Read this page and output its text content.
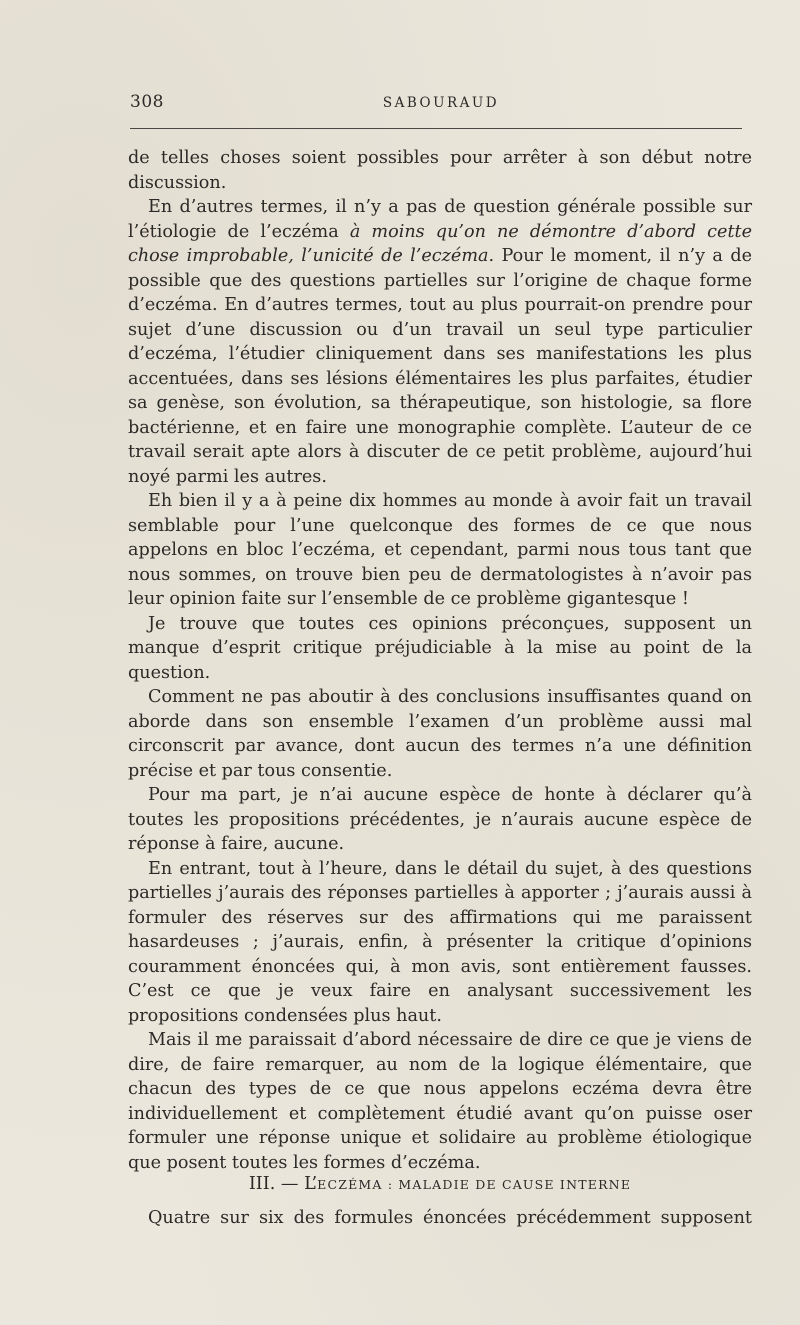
308	SABOURAUD

de telles choses soient possibles pour arrêter à son début notre discussion.

En d’autres termes, il n’y a pas de question générale possible sur l’étiologie de l’eczéma à moins qu’on ne démontre d’abord cette chose improbable, l’unicité de l’eczéma. Pour le moment, il n’y a de possible que des questions partielles sur l’origine de chaque forme d’eczéma. En d’autres termes, tout au plus pourrait-on prendre pour sujet d’une discussion ou d’un travail un seul type particulier d’eczéma, l’étudier cliniquement dans ses manifestations les plus accentuées, dans ses lésions élémentaires les plus parfaites, étudier sa genèse, son évolution, sa thérapeutique, son histologie, sa flore bactérienne, et en faire une monographie complète. L’auteur de ce travail serait apte alors à discuter de ce petit problème, aujourd’hui noyé parmi les autres.

Eh bien il y a à peine dix hommes au monde à avoir fait un travail semblable pour l’une quelconque des formes de ce que nous appelons en bloc l’eczéma, et cependant, parmi nous tous tant que nous sommes, on trouve bien peu de dermatologistes à n’avoir pas leur opinion faite sur l’ensemble de ce problème gigantesque !

Je trouve que toutes ces opinions préconçues, supposent un manque d’esprit critique préjudiciable à la mise au point de la question.

Comment ne pas aboutir à des conclusions insuffisantes quand on aborde dans son ensemble l’examen d’un problème aussi mal circonscrit par avance, dont aucun des termes n’a une définition précise et par tous consentie.

Pour ma part, je n’ai aucune espèce de honte à déclarer qu’à toutes les propositions précédentes, je n’aurais aucune espèce de réponse à faire, aucune.

En entrant, tout à l’heure, dans le détail du sujet, à des questions partielles j’aurais des réponses partielles à apporter ; j’aurais aussi à formuler des réserves sur des affirmations qui me paraissent hasardeuses ; j’aurais, enfin, à présenter la critique d’opinions couramment énoncées qui, à mon avis, sont entièrement fausses. C’est ce que je veux faire en analysant successivement les propositions condensées plus haut.

Mais il me paraissait d’abord nécessaire de dire ce que je viens de dire, de faire remarquer, au nom de la logique élémentaire, que chacun des types de ce que nous appelons eczéma devra être individuellement et complètement étudié avant qu’on puisse oser formuler une réponse unique et solidaire au problème étiologique que posent toutes les formes d’eczéma.

III. — L’ECZÉMA : MALADIE DE CAUSE INTERNE
Quatre sur six des formules énoncées précédemment supposent
